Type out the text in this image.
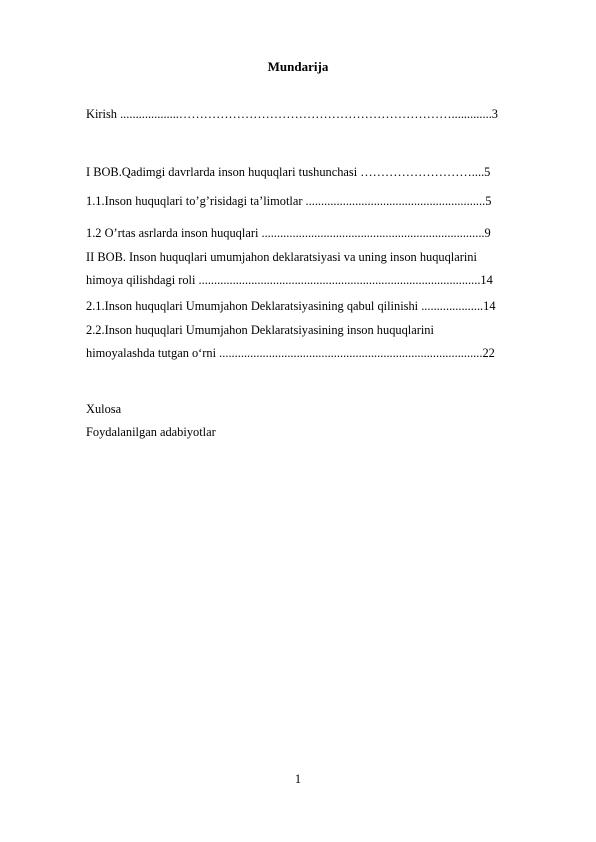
Mundarija
Kirish ...................………………………………………………………….............3
I BOB.Qadimgi davrlarda inson huquqlari tushunchasi ………………………....5
1.1.Inson huquqlari to’g’risidagi ta’limotlar ..........................................................5
1.2 O’rtas asrlarda inson huquqlari ........................................................................9
II BOB. Inson huquqlari umumjahon deklaratsiyasi va uning inson huquqlarini
himoya qilishdagi roli ...........................................................................................14
2.1.Inson huquqlari Umumjahon Deklaratsiyasining qabul qilinishi ....................14
2.2.Inson huquqlari Umumjahon Deklaratsiyasining inson huquqlarini
himoyalashda tutgan o‘rni .....................................................................................22
Xulosa
Foydalanilgan adabiyotlar
1
